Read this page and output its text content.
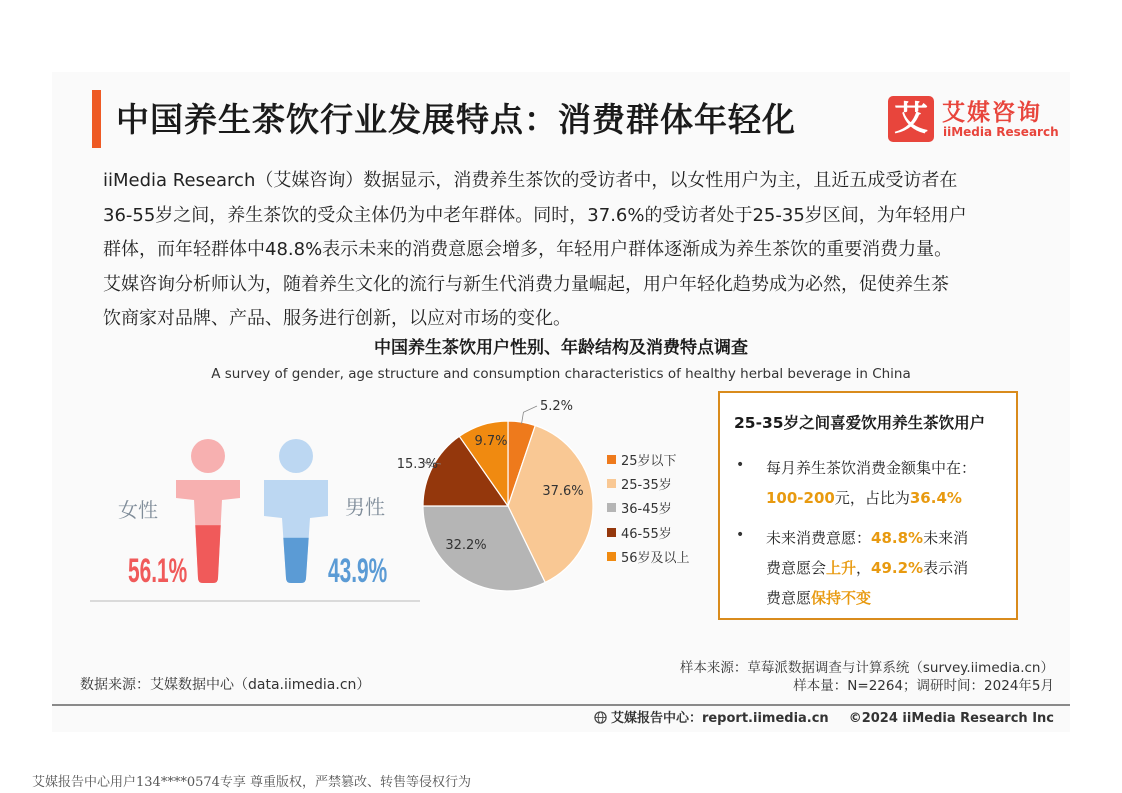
中国养生茶饮行业发展特点：消费群体年轻化	艾 艾媒咨询
iiMedia Research
iiMedia Research（艾媒咨询）数据显示，消费养生茶饮的受访者中，以女性用户为主，且近五成受访者在
36-55岁之间，养生茶饮的受众主体仍为中老年群体。同时，37.6%的受访者处于25-35岁区间，为年轻用户
群体，而年轻群体中48.8%表示未来的消费意愿会增多，年轻用户群体逐渐成为养生茶饮的重要消费力量。
艾媒咨询分析师认为，随着养生文化的流行与新生代消费力量崛起，用户年轻化趋势成为必然，促使养生茶
饮商家对品牌、产品、服务进行创新，以应对市场的变化。
中国养生茶饮用户性别、年龄结构及消费特点调查
A survey of gender, age structure and consumption characteristics of healthy herbal beverage in China
女性	男性
56.1%	43.9%
5.2%
37.6%
32.2%
15.3%
9.7%
25岁以下
25-35岁
36-45岁
46-55岁
56岁及以上
25-35岁之间喜爱饮用养生茶饮用户
• 每月养生茶饮消费金额集中在：
100-200元，占比为36.4%
• 未来消费意愿：48.8%未来消
费意愿会上升，49.2%表示消
费意愿保持不变
数据来源：艾媒数据中心（data.iimedia.cn）
样本来源：草莓派数据调查与计算系统（survey.iimedia.cn）
样本量：N=2264；调研时间：2024年5月
艾媒报告中心：report.iimedia.cn ©2024 iiMedia Research Inc
艾媒报告中心用户134****0574专享 尊重版权，严禁篡改、转售等侵权行为
